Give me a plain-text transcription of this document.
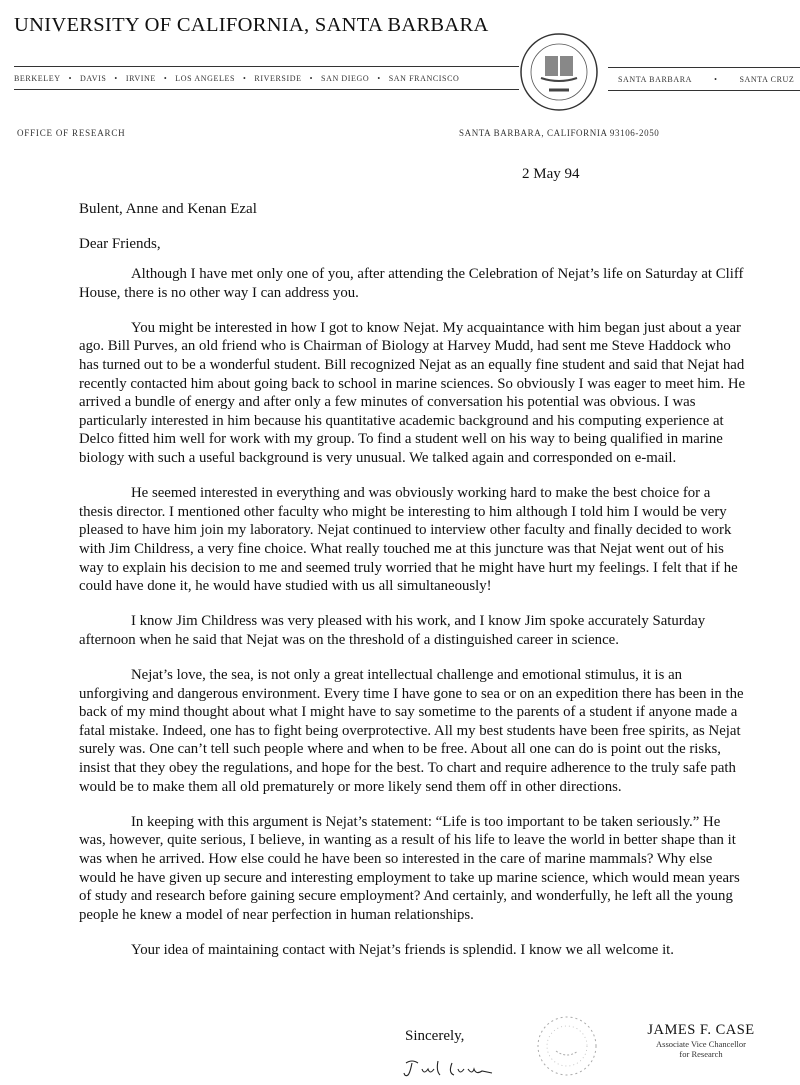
UNIVERSITY OF CALIFORNIA, SANTA BARBARA
BERKELEY • DAVIS • IRVINE • LOS ANGELES • RIVERSIDE • SAN DIEGO • SAN FRANCISCO	SANTA BARBARA	•	SANTA CRUZ
OFFICE OF RESEARCH	SANTA BARBARA, CALIFORNIA 93106-2050
2 May 94
Bulent, Anne and Kenan Ezal
Dear Friends,

Although I have met only one of you, after attending the Celebration of Nejat’s life on Saturday at Cliff House, there is no other way I can address you.

You might be interested in how I got to know Nejat. My acquaintance with him began just about a year ago. Bill Purves, an old friend who is Chairman of Biology at Harvey Mudd, had sent me Steve Haddock who has turned out to be a wonderful student. Bill recognized Nejat as an equally fine student and said that Nejat had recently contacted him about going back to school in marine sciences. So obviously I was eager to meet him. He arrived a bundle of energy and after only a few minutes of conversation his potential was obvious. I was particularly interested in him because his quantitative academic background and his computing experience at Delco fitted him well for work with my group. To find a student well on his way to being qualified in marine biology with such a useful background is very unusual. We talked again and corresponded on e-mail.

He seemed interested in everything and was obviously working hard to make the best choice for a thesis director. I mentioned other faculty who might be interesting to him although I told him I would be very pleased to have him join my laboratory. Nejat continued to interview other faculty and finally decided to work with Jim Childress, a very fine choice. What really touched me at this juncture was that Nejat went out of his way to explain his decision to me and seemed truly worried that he might have hurt my feelings. I felt that if he could have done it, he would have studied with us all simultaneously!

I know Jim Childress was very pleased with his work, and I know Jim spoke accurately Saturday afternoon when he said that Nejat was on the threshold of a distinguished career in science.

Nejat’s love, the sea, is not only a great intellectual challenge and emotional stimulus, it is an unforgiving and dangerous environment. Every time I have gone to sea or on an expedition there has been in the back of my mind thought about what I might have to say sometime to the parents of a student if anyone made a fatal mistake. Indeed, one has to fight being overprotective. All my best students have been free spirits, as Nejat surely was. One can’t tell such people where and when to be free. About all one can do is point out the risks, insist that they obey the regulations, and hope for the best. To chart and require adherence to the truly safe path would be to make them all old prematurely or more likely send them off in other directions.

In keeping with this argument is Nejat’s statement: “Life is too important to be taken seriously.” He was, however, quite serious, I believe, in wanting as a result of his life to leave the world in better shape than it was when he arrived. How else could he have been so interested in the care of marine mammals? Why else would he have given up secure and interesting employment to take up marine science, which would mean years of study and research before gaining secure employment? And certainly, and wonderfully, he left all the young people he knew a model of near perfection in human relationships.

Your idea of maintaining contact with Nejat’s friends is splendid. I know we all welcome it.

Sincerely,	JAMES F. CASE
Associate Vice Chancellor
for Research
